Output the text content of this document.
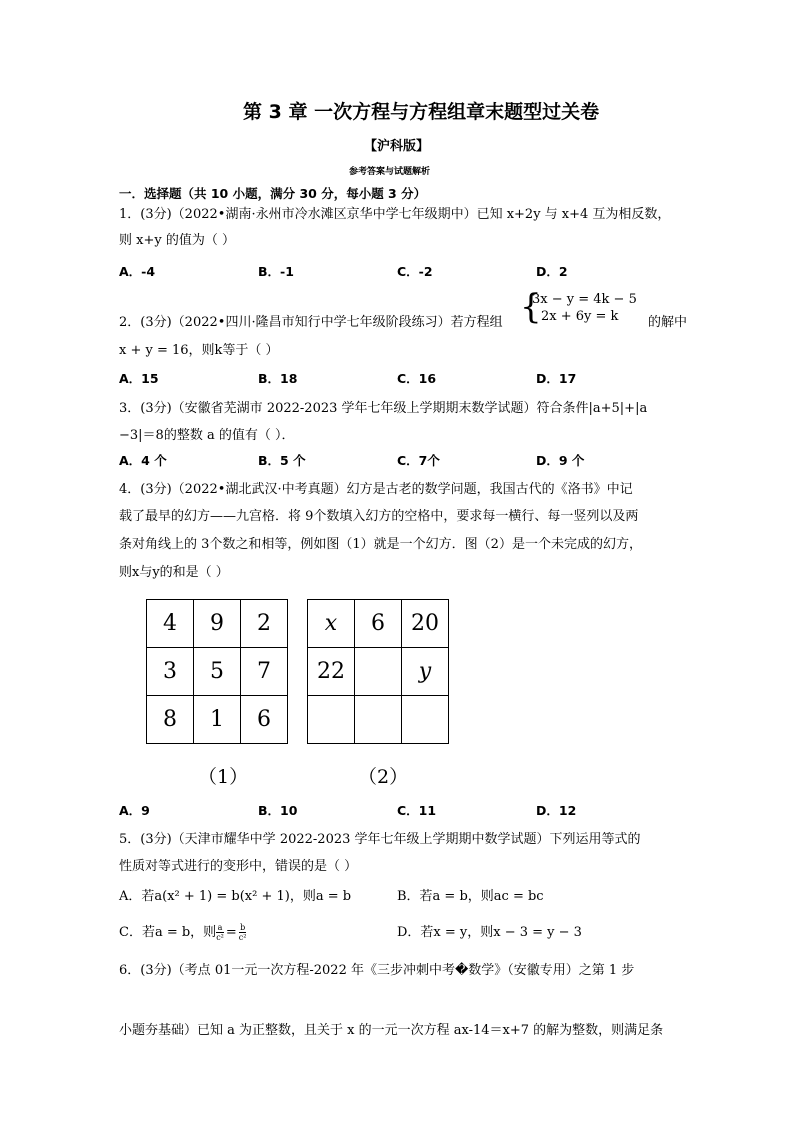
第 3 章 一次方程与方程组章末题型过关卷
【沪科版】
参考答案与试题解析
一．选择题（共 10 小题，满分 30 分，每小题 3 分）
1．(3分)（2022•湖南·永州市冷水滩区京华中学七年级期中）已知 x+2y 与 x+4 互为相反数，
则 x+y 的值为（ ）
A．-4	B．-1	C．-2	D．2
2．(3分)（2022•四川·隆昌市知行中学七年级阶段练习）若方程组 {
3x − y = 4k − 5
2x + 6y = k 的解中
x + y = 16，则k等于（ ）
A．15	B．18	C．16	D．17
3．(3分)（安徽省芜湖市 2022-2023 学年七年级上学期期末数学试题）符合条件|a+5|+|a
−3|＝8的整数 a 的值有（ ）．
A．4 个	B．5 个	C．7个	D．9 个
4．(3分)（2022•湖北武汉·中考真题）幻方是古老的数学问题，我国古代的《洛书》中记
载了最早的幻方——九宫格．将 9个数填入幻方的空格中，要求每一横行、每一竖列以及两
条对角线上的 3个数之和相等，例如图（1）就是一个幻方．图（2）是一个未完成的幻方，
则x与y的和是（ ）
4	9	2
3	5	7
8	1	6
x	6	20
22		y

（1）	（2）
A．9	B．10	C．11	D．12
5．(3分)（天津市耀华中学 2022-2023 学年七年级上学期期中数学试题）下列运用等式的
性质对等式进行的变形中，错误的是（ ）
A．若a(x² + 1) = b(x² + 1)，则a = b	B．若a = b，则ac = bc
C．若a = b，则 $\frac{a}{\text{c²}} = \frac{b}{\text{c²}}$	D．若x = y，则x − 3 = y − 3
6．(3分)（考点 01一元一次方程-2022 年《三步冲刺中考�数学》（安徽专用）之第 1 步
小题夯基础）已知 a 为正整数，且关于 x 的一元一次方程 ax-14＝x+7 的解为整数，则满足条
